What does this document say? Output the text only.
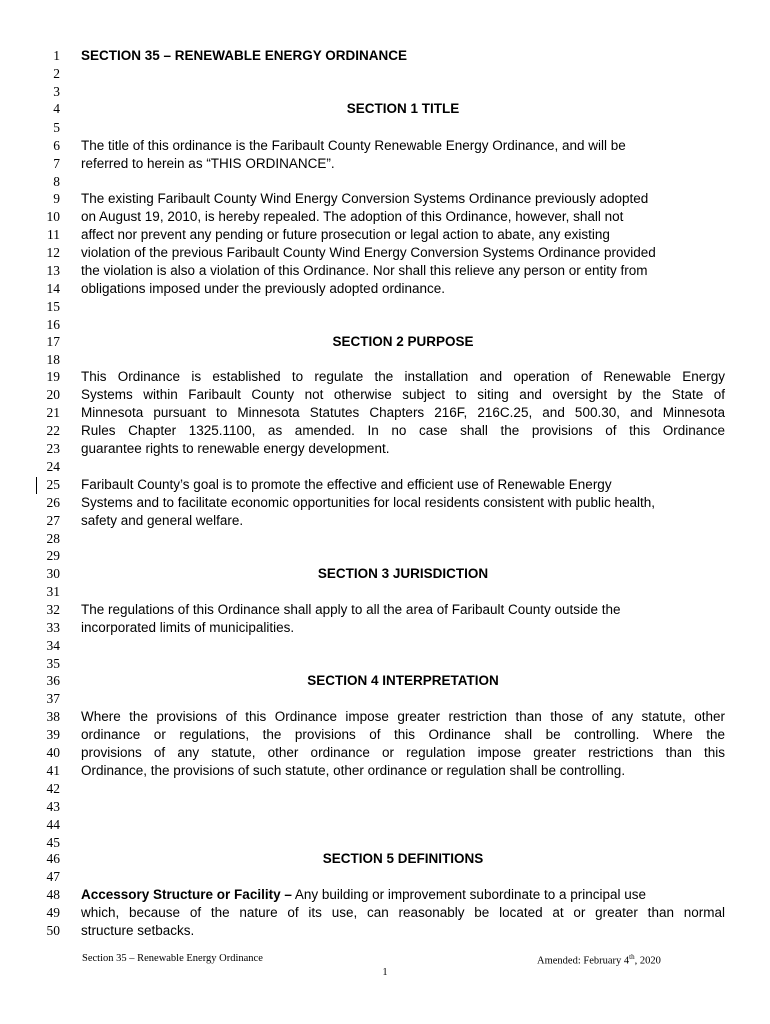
1
2
3
4
5
6
7
8
9
10
11
12
13
14
15
16
17
18
19
20
21
22
23
24
25
26
27
28
29
30
31
32
33
34
35
36
37
38
39
40
41
42
43
44
45
46
47
48
49
50
SECTION 35 – RENEWABLE ENERGY ORDINANCE
SECTION 1 TITLE
The title of this ordinance is the Faribault County Renewable Energy Ordinance, and will be
referred to herein as “THIS ORDINANCE”.
The existing Faribault County Wind Energy Conversion Systems Ordinance previously adopted
on August 19, 2010, is hereby repealed. The adoption of this Ordinance, however, shall not
affect nor prevent any pending or future prosecution or legal action to abate, any existing
violation of the previous Faribault County Wind Energy Conversion Systems Ordinance provided
the violation is also a violation of this Ordinance. Nor shall this relieve any person or entity from
obligations imposed under the previously adopted ordinance.
SECTION 2 PURPOSE
This Ordinance is established to regulate the installation and operation of Renewable Energy
Systems within Faribault County not otherwise subject to siting and oversight by the State of
Minnesota pursuant to Minnesota Statutes Chapters 216F, 216C.25, and 500.30, and Minnesota
Rules Chapter 1325.1100, as amended. In no case shall the provisions of this Ordinance
guarantee rights to renewable energy development.
Faribault County’s goal is to promote the effective and efficient use of Renewable Energy
Systems and to facilitate economic opportunities for local residents consistent with public health,
safety and general welfare.
SECTION 3 JURISDICTION
The regulations of this Ordinance shall apply to all the area of Faribault County outside the
incorporated limits of municipalities.
SECTION 4 INTERPRETATION
Where the provisions of this Ordinance impose greater restriction than those of any statute, other
ordinance or regulations, the provisions of this Ordinance shall be controlling. Where the
provisions of any statute, other ordinance or regulation impose greater restrictions than this
Ordinance, the provisions of such statute, other ordinance or regulation shall be controlling.
SECTION 5 DEFINITIONS
Accessory Structure or Facility – Any building or improvement subordinate to a principal use
which, because of the nature of its use, can reasonably be located at or greater than normal
structure setbacks.
Section 35 – Renewable Energy Ordinance	Amended: February 4th, 2020
1
